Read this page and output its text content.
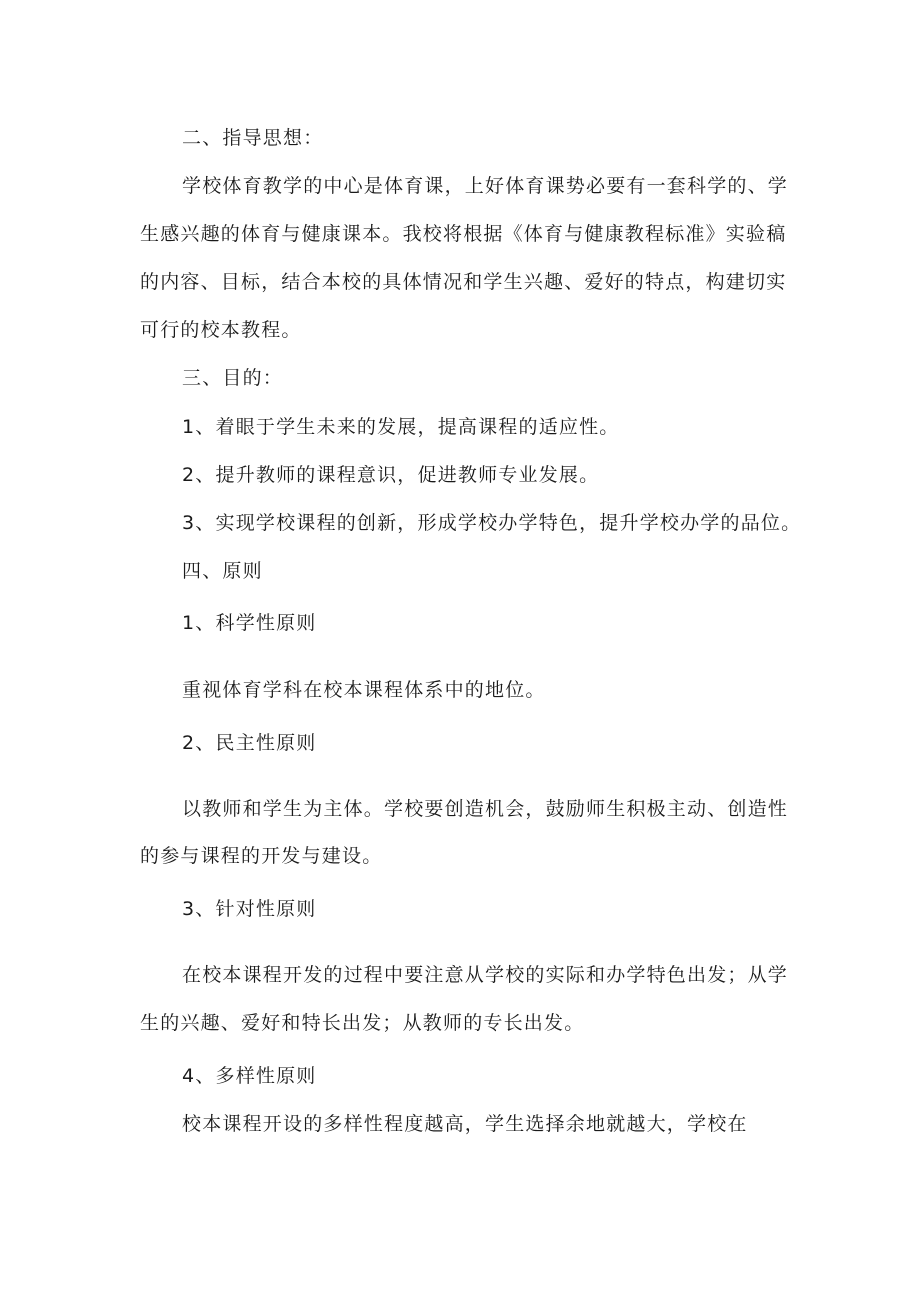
二、指导思想：
学校体育教学的中心是体育课，上好体育课势必要有一套科学的、学
生感兴趣的体育与健康课本。我校将根据《体育与健康教程标准》实验稿
的内容、目标，结合本校的具体情况和学生兴趣、爱好的特点，构建切实
可行的校本教程。
三、目的：
1、着眼于学生未来的发展，提高课程的适应性。
2、提升教师的课程意识，促进教师专业发展。
3、实现学校课程的创新，形成学校办学特色，提升学校办学的品位。
四、原则
1、科学性原则
重视体育学科在校本课程体系中的地位。
2、民主性原则
以教师和学生为主体。学校要创造机会，鼓励师生积极主动、创造性
的参与课程的开发与建设。
3、针对性原则
在校本课程开发的过程中要注意从学校的实际和办学特色出发；从学
生的兴趣、爱好和特长出发；从教师的专长出发。
4、多样性原则
校本课程开设的多样性程度越高，学生选择余地就越大，学校在
